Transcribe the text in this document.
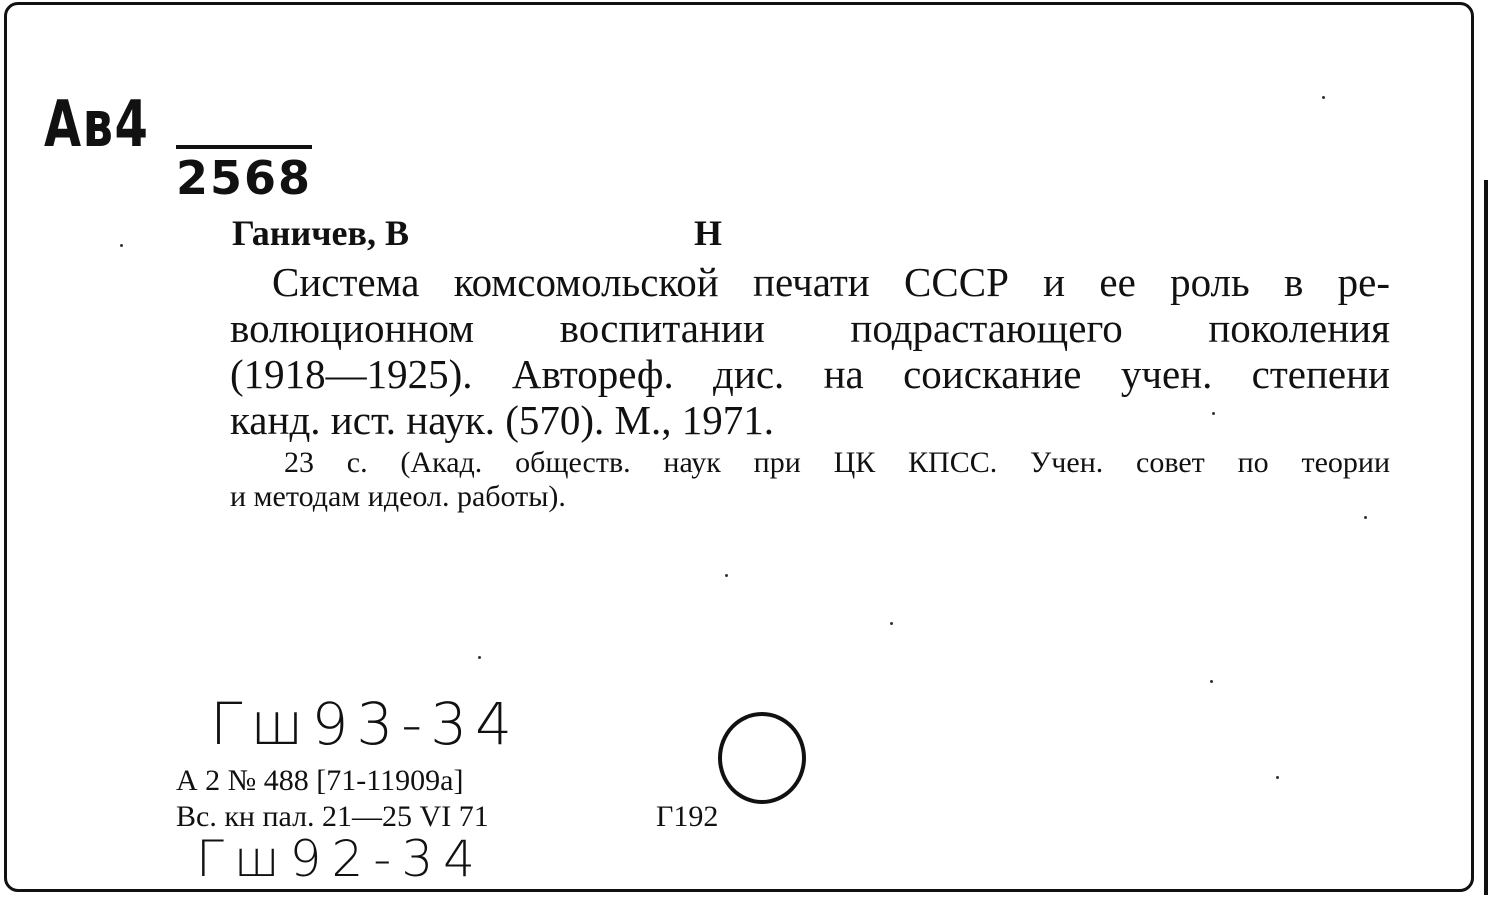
Ав4
2568
Ганичев, В	Н
Система комсомольской печати СССР и ее роль в ре-
волюционном воспитании подрастающего поколения
(1918—1925). Автореф. дис. на соискание учен. степени
канд. ист. наук. (570). М., 1971.
23 с. (Акад. обществ. наук при ЦК КПСС. Учен. совет по теории
и методам идеол. работы).
Гш93-34
А 2 № 488 [71-11909а]
Вс. кн пал. 21—25 VI 71	Г192
Гш92-34
